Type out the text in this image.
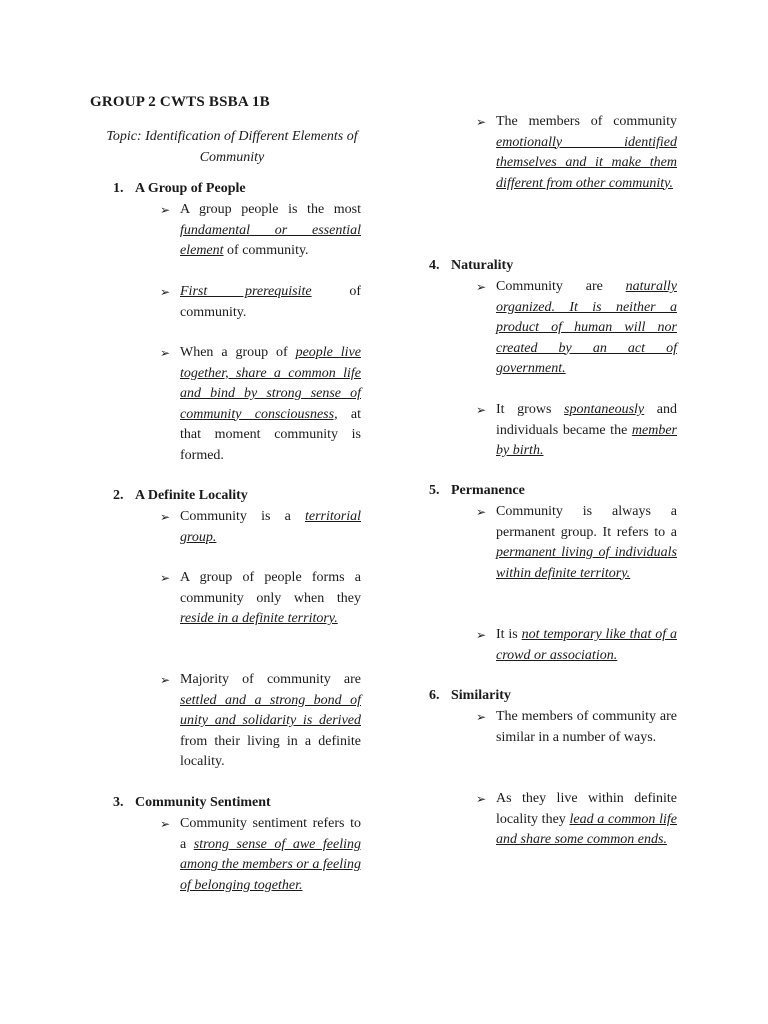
GROUP 2 CWTS BSBA 1B
Topic: Identification of Different Elements of Community
1. A Group of People
➢ A group people is the most fundamental or essential element of community.
➢ First prerequisite of community.
➢ When a group of people live together, share a common life and bind by strong sense of community consciousness, at that moment community is formed.
2. A Definite Locality
➢ Community is a territorial group.
➢ A group of people forms a community only when they reside in a definite territory.
➢ Majority of community are settled and a strong bond of unity and solidarity is derived from their living in a definite locality.
3. Community Sentiment
➢ Community sentiment refers to a strong sense of awe feeling among the members or a feeling of belonging together.
➢ The members of community emotionally identified themselves and it make them different from other community.
4. Naturality
➢ Community are naturally organized. It is neither a product of human will nor created by an act of government.
➢ It grows spontaneously and individuals became the member by birth.
5. Permanence
➢ Community is always a permanent group. It refers to a permanent living of individuals within definite territory.
➢ It is not temporary like that of a crowd or association.
6. Similarity
➢ The members of community are similar in a number of ways.
➢ As they live within definite locality they lead a common life and share some common ends.
